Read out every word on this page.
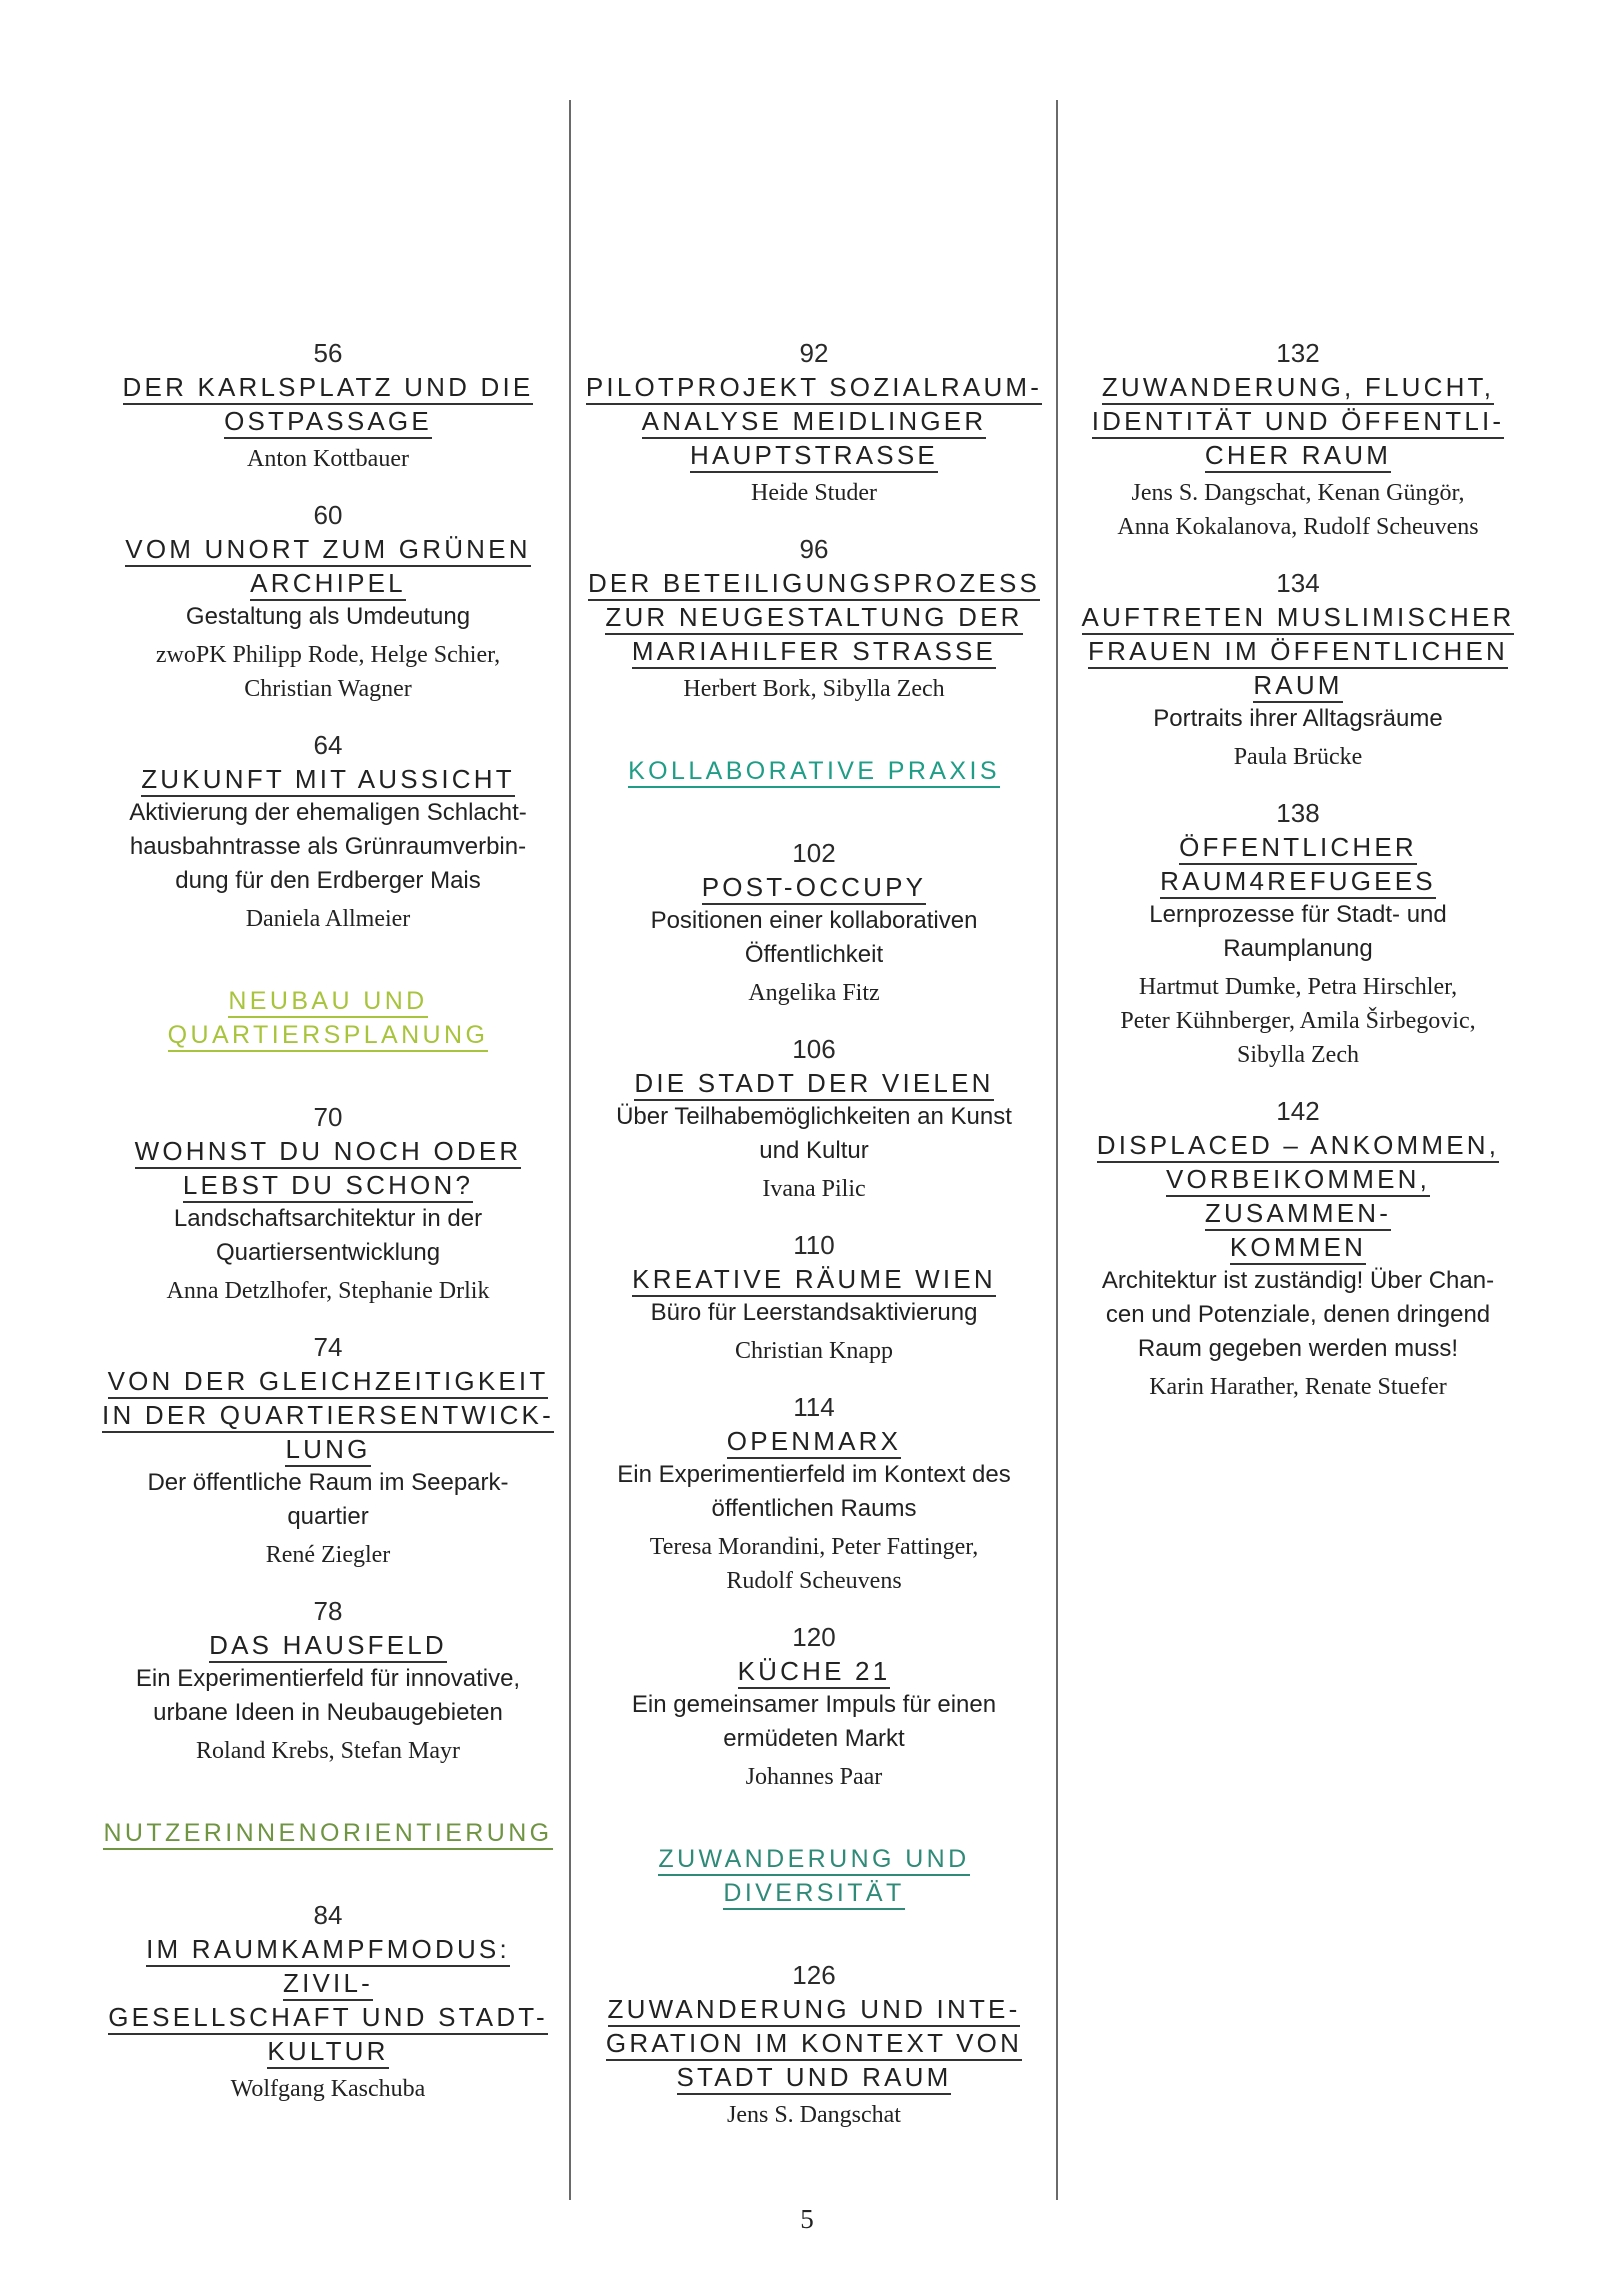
56
DER KARLSPLATZ UND DIE
OSTPASSAGE
Anton Kottbauer
60
VOM UNORT ZUM GRÜNEN
ARCHIPEL
Gestaltung als Umdeutung
zwoPK Philipp Rode, Helge Schier,
Christian Wagner
64
ZUKUNFT MIT AUSSICHT
Aktivierung der ehemaligen Schlacht-
hausbahntrasse als Grünraumverbin-
dung für den Erdberger Mais
Daniela Allmeier
NEUBAU UND
QUARTIERSPLANUNG
70
WOHNST DU NOCH ODER
LEBST DU SCHON?
Landschaftsarchitektur in der
Quartiersentwicklung
Anna Detzlhofer, Stephanie Drlik
74
VON DER GLEICHZEITIGKEIT
IN DER QUARTIERSENTWICK-
LUNG
Der öffentliche Raum im Seepark-
quartier
René Ziegler
78
DAS HAUSFELD
Ein Experimentierfeld für innovative,
urbane Ideen in Neubaugebieten
Roland Krebs, Stefan Mayr
NUTZERINNENORIENTIERUNG
84
IM RAUMKAMPFMODUS: ZIVIL-
GESELLSCHAFT UND STADT-
KULTUR
Wolfgang Kaschuba
92
PILOTPROJEKT SOZIALRAUM-
ANALYSE MEIDLINGER
HAUPTSTRASSE
Heide Studer
96
DER BETEILIGUNGSPROZESS
ZUR NEUGESTALTUNG DER
MARIAHILFER STRASSE
Herbert Bork, Sibylla Zech
KOLLABORATIVE PRAXIS
102
POST-OCCUPY
Positionen einer kollaborativen
Öffentlichkeit
Angelika Fitz
106
DIE STADT DER VIELEN
Über Teilhabemöglichkeiten an Kunst
und Kultur
Ivana Pilic
110
KREATIVE RÄUME WIEN
Büro für Leerstandsaktivierung
Christian Knapp
114
OPENMARX
Ein Experimentierfeld im Kontext des
öffentlichen Raums
Teresa Morandini, Peter Fattinger,
Rudolf Scheuvens
120
KÜCHE 21
Ein gemeinsamer Impuls für einen
ermüdeten Markt
Johannes Paar
ZUWANDERUNG UND
DIVERSITÄT
126
ZUWANDERUNG UND INTE-
GRATION IM KONTEXT VON
STADT UND RAUM
Jens S. Dangschat
132
ZUWANDERUNG, FLUCHT,
IDENTITÄT UND ÖFFENTLI-
CHER RAUM
Jens S. Dangschat, Kenan Güngör,
Anna Kokalanova, Rudolf Scheuvens
134
AUFTRETEN MUSLIMISCHER
FRAUEN IM ÖFFENTLICHEN
RAUM
Portraits ihrer Alltagsräume
Paula Brücke
138
ÖFFENTLICHER
RAUM4REFUGEES
Lernprozesse für Stadt- und
Raumplanung
Hartmut Dumke, Petra Hirschler,
Peter Kühnberger, Amila Širbegovic,
Sibylla Zech
142
DISPLACED – ANKOMMEN,
VORBEIKOMMEN, ZUSAMMEN-
KOMMEN
Architektur ist zuständig! Über Chan-
cen und Potenziale, denen dringend
Raum gegeben werden muss!
Karin Harather, Renate Stuefer
5
